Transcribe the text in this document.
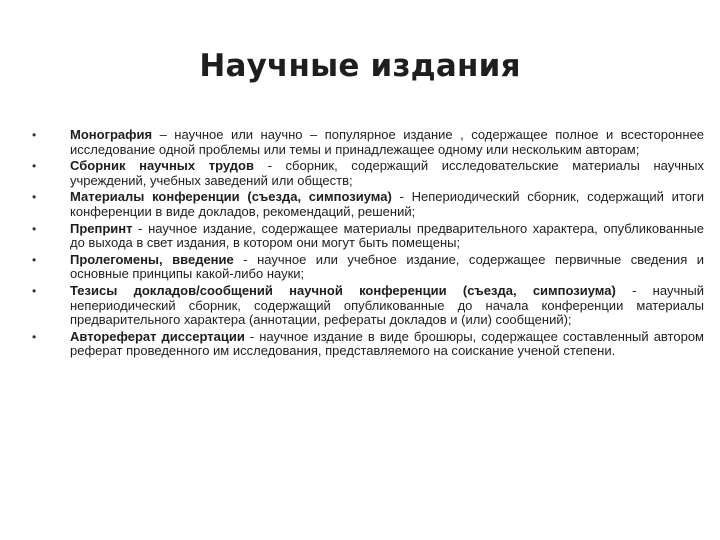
Научные издания
•	Монография – научное или научно – популярное издание , содержащее полное и всестороннее исследование одной проблемы или темы и принадлежащее одному или нескольким авторам;
•	Сборник научных трудов - сборник, содержащий исследовательские материалы научных учреждений, учебных заведений или обществ;
•	Материалы конференции (съезда, симпозиума) - Непериодический сборник, содержащий итоги конференции в виде докладов, рекомендаций, решений;
•	Препринт - научное издание, содержащее материалы предварительного характера, опубликованные до выхода в свет издания, в котором они могут быть помещены;
•	Пролегомены, введение - научное или учебное издание, содержащее первичные сведения и основные принципы какой-либо науки;
•	Тезисы докладов/сообщений научной конференции (съезда, симпозиума) - научный непериодический сборник, содержащий опубликованные до начала конференции материалы предварительного характера (аннотации, рефераты докладов и (или) сообщений);
•	Автореферат диссертации - научное издание в виде брошюры, содержащее составленный автором реферат проведенного им исследования, представляемого на соискание ученой степени.
